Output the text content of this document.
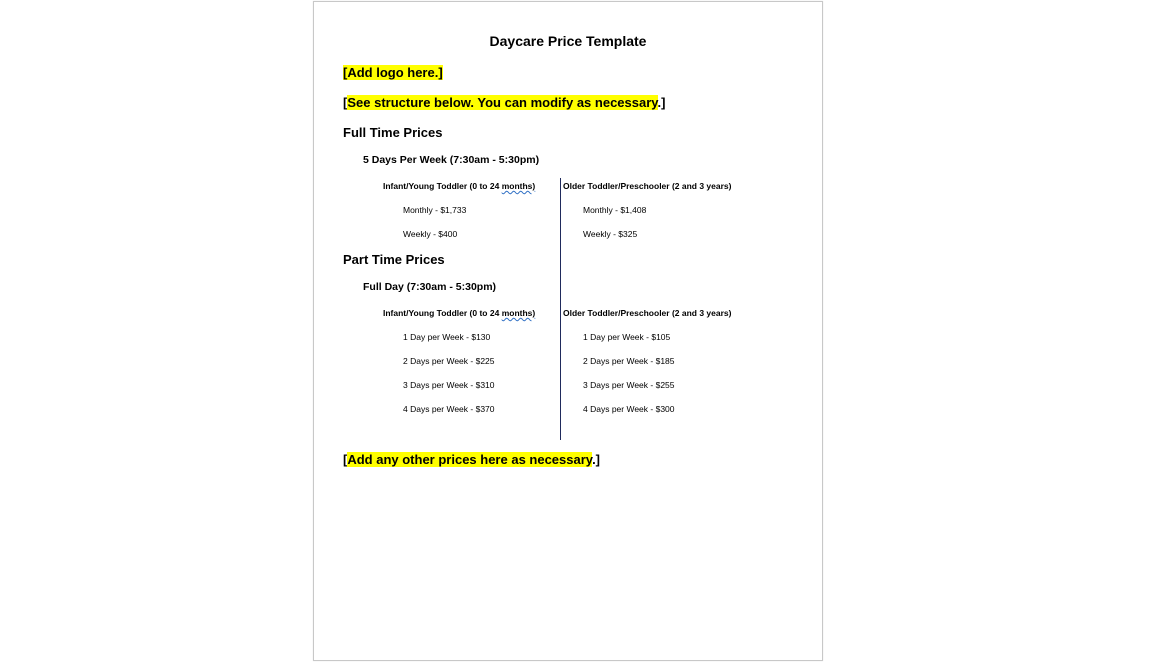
Daycare Price Template
[Add logo here.]
[See structure below. You can modify as necessary.]
Full Time Prices
5 Days Per Week (7:30am - 5:30pm)
Infant/Young Toddler (0 to 24 months)	Older Toddler/Preschooler (2 and 3 years)
Monthly - $1,733
Weekly - $400
Monthly - $1,408
Weekly - $325
Part Time Prices
Full Day (7:30am - 5:30pm)
Infant/Young Toddler (0 to 24 months)	Older Toddler/Preschooler (2 and 3 years)
1 Day per Week - $130
2 Days per Week - $225
3 Days per Week - $310
4 Days per Week - $370
1 Day per Week - $105
2 Days per Week - $185
3 Days per Week - $255
4 Days per Week - $300
[Add any other prices here as necessary.]
